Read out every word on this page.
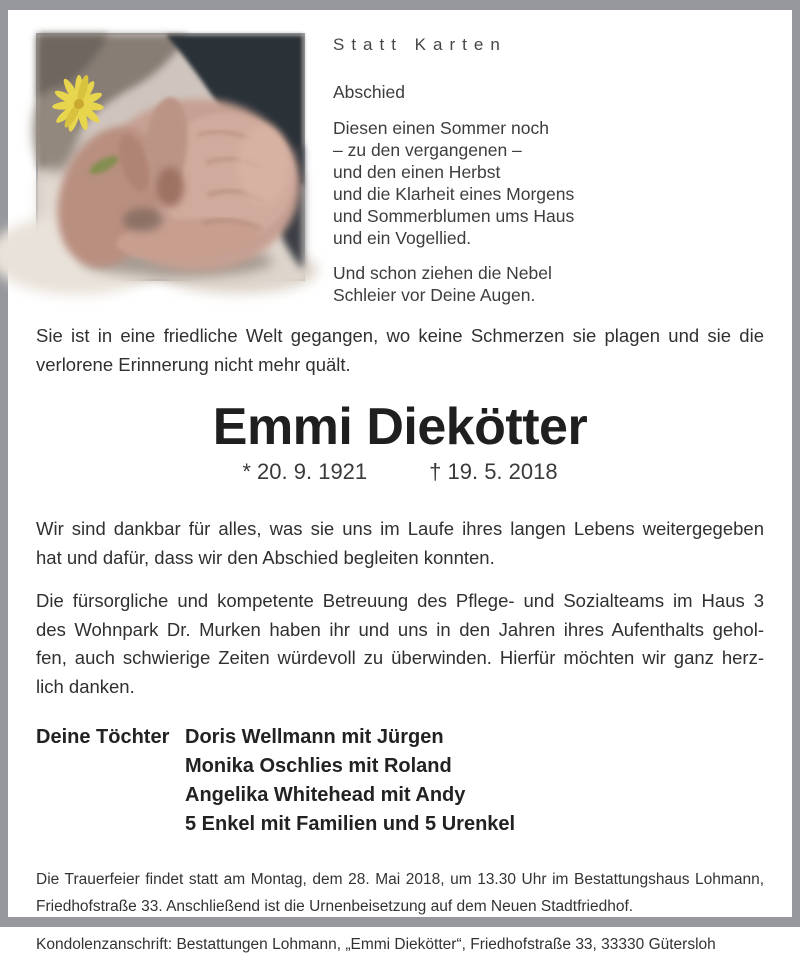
Statt Karten
Abschied
Diesen einen Sommer noch
– zu den vergangenen –
und den einen Herbst
und die Klarheit eines Morgens
und Sommerblumen ums Haus
und ein Vogellied.
Und schon ziehen die Nebel
Schleier vor Deine Augen.
Sie ist in eine friedliche Welt gegangen, wo keine Schmerzen sie plagen und sie die
verlorene Erinnerung nicht mehr quält.
Emmi Diekötter
* 20. 9. 1921	† 19. 5. 2018
Wir sind dankbar für alles, was sie uns im Laufe ihres langen Lebens weitergegeben
hat und dafür, dass wir den Abschied begleiten konnten.
Die fürsorgliche und kompetente Betreuung des Pflege- und Sozialteams im Haus 3
des Wohnpark Dr. Murken haben ihr und uns in den Jahren ihres Aufenthalts gehol-
fen, auch schwierige Zeiten würdevoll zu überwinden. Hierfür möchten wir ganz herz-
lich danken.
Deine Töchter Doris Wellmann mit Jürgen
Monika Oschlies mit Roland
Angelika Whitehead mit Andy
5 Enkel mit Familien und 5 Urenkel
Die Trauerfeier findet statt am Montag, dem 28. Mai 2018, um 13.30 Uhr im Bestattungshaus Lohmann,
Friedhofstraße 33. Anschließend ist die Urnenbeisetzung auf dem Neuen Stadtfriedhof.
Kondolenzanschrift: Bestattungen Lohmann, „Emmi Diekötter“, Friedhofstraße 33, 33330 Gütersloh
